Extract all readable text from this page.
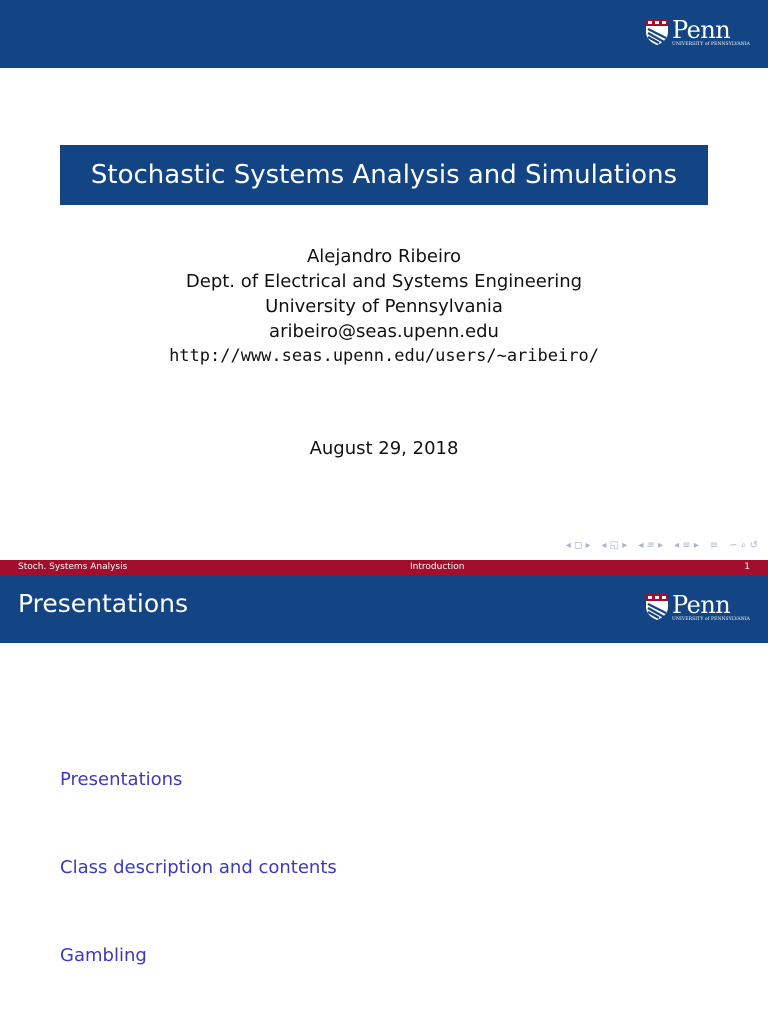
Penn
UNIVERSITY of PENNSYLVANIA
Stochastic Systems Analysis and Simulations
Alejandro Ribeiro
Dept. of Electrical and Systems Engineering
University of Pennsylvania
aribeiro@seas.upenn.edu
http://www.seas.upenn.edu/users/~aribeiro/
August 29, 2018
◂ ◻ ▸ ◂ ◱ ▸ ◂ ≡ ▸ ◂ ≡ ▸ ≡ ∽ ⌕ ↺
Stoch. Systems Analysis	Introduction	1
Presentations	Penn
UNIVERSITY of PENNSYLVANIA
Presentations
Class description and contents
Gambling
